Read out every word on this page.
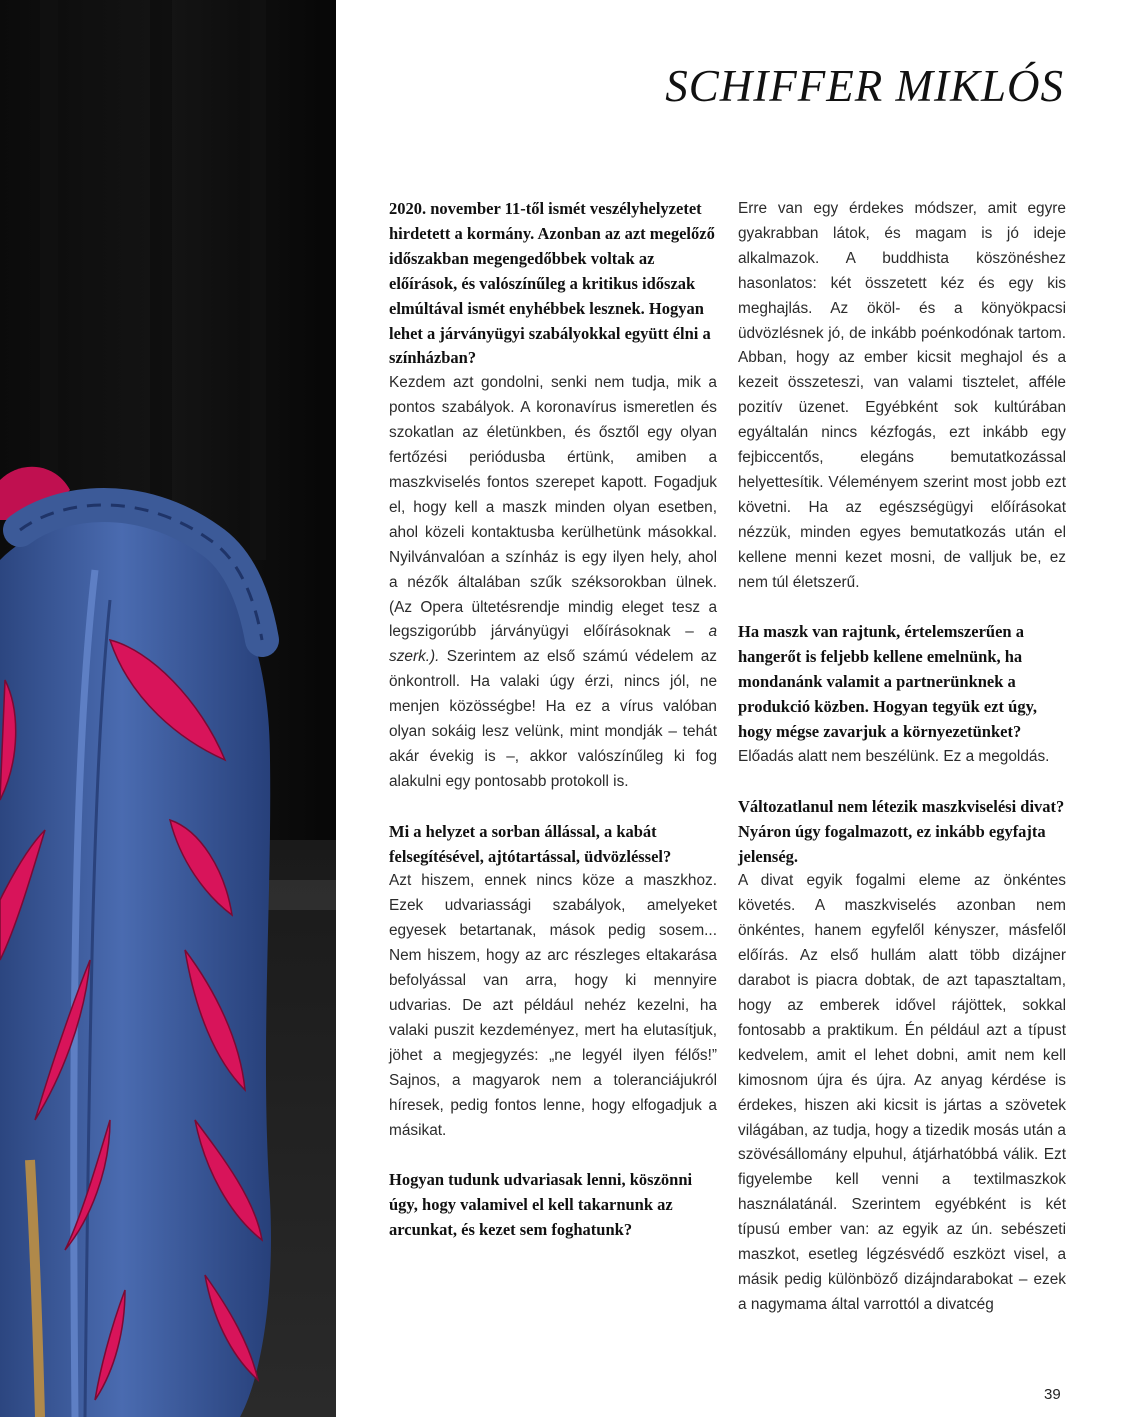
SCHIFFER MIKLÓS

2020. november 11-től ismét veszélyhelyzetet hirdetett a kormány. Azonban az azt megelőző időszakban megengedőbbek voltak az előírások, és valószínűleg a kritikus időszak elmúltával ismét enyhébbek lesznek. Hogyan lehet a járványügyi szabályokkal együtt élni a színházban?

Kezdem azt gondolni, senki nem tudja, mik a pontos szabályok. A koronavírus ismeretlen és szokatlan az életünkben, és ősztől egy olyan fertőzési periódusba értünk, amiben a maszkviselés fontos szerepet kapott. Fogadjuk el, hogy kell a maszk minden olyan esetben, ahol közeli kontaktusba kerülhetünk másokkal. Nyilvánvalóan a színház is egy ilyen hely, ahol a nézők általában szűk széksorokban ülnek. (Az Opera ültetésrendje mindig eleget tesz a legszigorúbb járványügyi előírásoknak – a szerk.). Szerintem az első számú védelem az önkontroll. Ha valaki úgy érzi, nincs jól, ne menjen közösségbe! Ha ez a vírus valóban olyan sokáig lesz velünk, mint mondják – tehát akár évekig is –, akkor valószínűleg ki fog alakulni egy pontosabb protokoll is.

Mi a helyzet a sorban állással, a kabát felsegítésével, ajtótartással, üdvözléssel?

Azt hiszem, ennek nincs köze a maszkhoz. Ezek udvariassági szabályok, amelyeket egyesek betartanak, mások pedig sosem... Nem hiszem, hogy az arc részleges eltakarása befolyással van arra, hogy ki mennyire udvarias. De azt például nehéz kezelni, ha valaki puszit kezdeményez, mert ha elutasítjuk, jöhet a megjegyzés: „ne legyél ilyen félős!” Sajnos, a magyarok nem a toleranciájukról híresek, pedig fontos lenne, hogy elfogadjuk a másikat.

Hogyan tudunk udvariasak lenni, köszönni úgy, hogy valamivel el kell takarnunk az arcunkat, és kezet sem foghatunk?

Erre van egy érdekes módszer, amit egyre gyakrabban látok, és magam is jó ideje alkalmazok. A buddhista köszönéshez hasonlatos: két összetett kéz és egy kis meghajlás. Az ököl- és a könyökpacsi üdvözlésnek jó, de inkább poénkodónak tartom. Abban, hogy az ember kicsit meghajol és a kezeit összeteszi, van valami tisztelet, afféle pozitív üzenet. Egyébként sok kultúrában egyáltalán nincs kézfogás, ezt inkább egy fejbiccentős, elegáns bemutatkozással helyettesítik. Véleményem szerint most jobb ezt követni. Ha az egészségügyi előírásokat nézzük, minden egyes bemutatkozás után el kellene menni kezet mosni, de valljuk be, ez nem túl életszerű.

Ha maszk van rajtunk, értelemszerűen a hangerőt is feljebb kellene emelnünk, ha mondanánk valamit a partnerünknek a produkció közben. Hogyan tegyük ezt úgy, hogy mégse zavarjuk a környezetünket?

Előadás alatt nem beszélünk. Ez a megoldás.

Változatlanul nem létezik maszkviselési divat? Nyáron úgy fogalmazott, ez inkább egyfajta jelenség.

A divat egyik fogalmi eleme az önkéntes követés. A maszkviselés azonban nem önkéntes, hanem egyfelől kényszer, másfelől előírás. Az első hullám alatt több dizájner darabot is piacra dobtak, de azt tapasztaltam, hogy az emberek idővel rájöttek, sokkal fontosabb a praktikum. Én például azt a típust kedvelem, amit el lehet dobni, amit nem kell kimosnom újra és újra. Az anyag kérdése is érdekes, hiszen aki kicsit is jártas a szövetek világában, az tudja, hogy a tizedik mosás után a szövésállomány elpuhul, átjárhatóbbá válik. Ezt figyelembe kell venni a textilmaszkok használatánál. Szerintem egyébként is két típusú ember van: az egyik az ún. sebészeti maszkot, esetleg légzésvédő eszközt visel, a másik pedig különböző dizájndarabokat – ezek a nagymama által varrottól a divatcég

39
